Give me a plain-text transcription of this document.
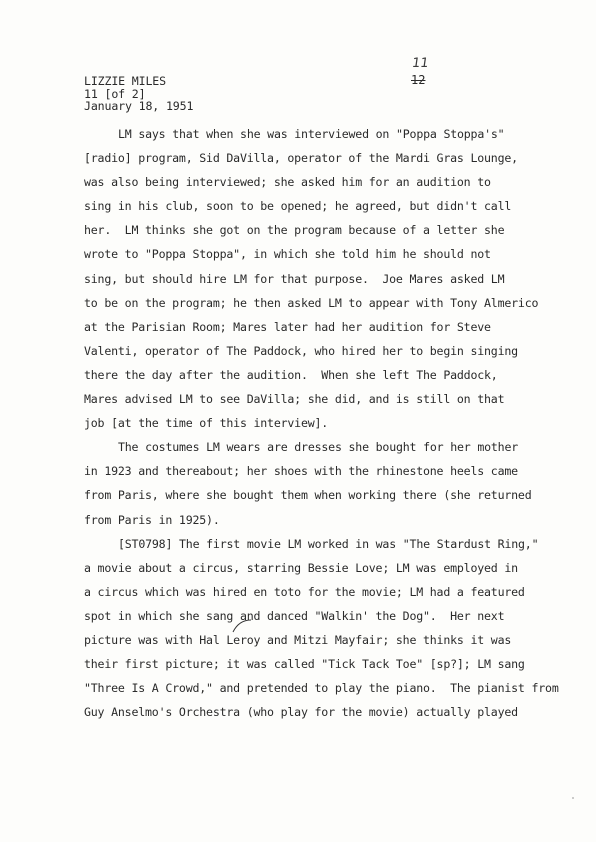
LIZZIE MILES
11 [of 2]
January 18, 1951
11
12
LM says that when she was interviewed on "Poppa Stoppa's"
[radio] program, Sid DaVilla, operator of the Mardi Gras Lounge,
was also being interviewed; she asked him for an audition to
sing in his club, soon to be opened; he agreed, but didn't call
her.  LM thinks she got on the program because of a letter she
wrote to "Poppa Stoppa", in which she told him he should not
sing, but should hire LM for that purpose.  Joe Mares asked LM
to be on the program; he then asked LM to appear with Tony Almerico
at the Parisian Room; Mares later had her audition for Steve
Valenti, operator of The Paddock, who hired her to begin singing
there the day after the audition.  When she left The Paddock,
Mares advised LM to see DaVilla; she did, and is still on that
job [at the time of this interview].
The costumes LM wears are dresses she bought for her mother
in 1923 and thereabout; her shoes with the rhinestone heels came
from Paris, where she bought them when working there (she returned
from Paris in 1925).
[ST0798] The first movie LM worked in was "The Stardust Ring,"
a movie about a circus, starring Bessie Love; LM was employed in
a circus which was hired en toto for the movie; LM had a featured
spot in which she sang and danced "Walkin' the Dog".  Her next
picture was with Hal Leroy and Mitzi Mayfair; she thinks it was
their first picture; it was called "Tick Tack Toe" [sp?]; LM sang
"Three Is A Crowd," and pretended to play the piano.  The pianist from
Guy Anselmo's Orchestra (who play for the movie) actually played
